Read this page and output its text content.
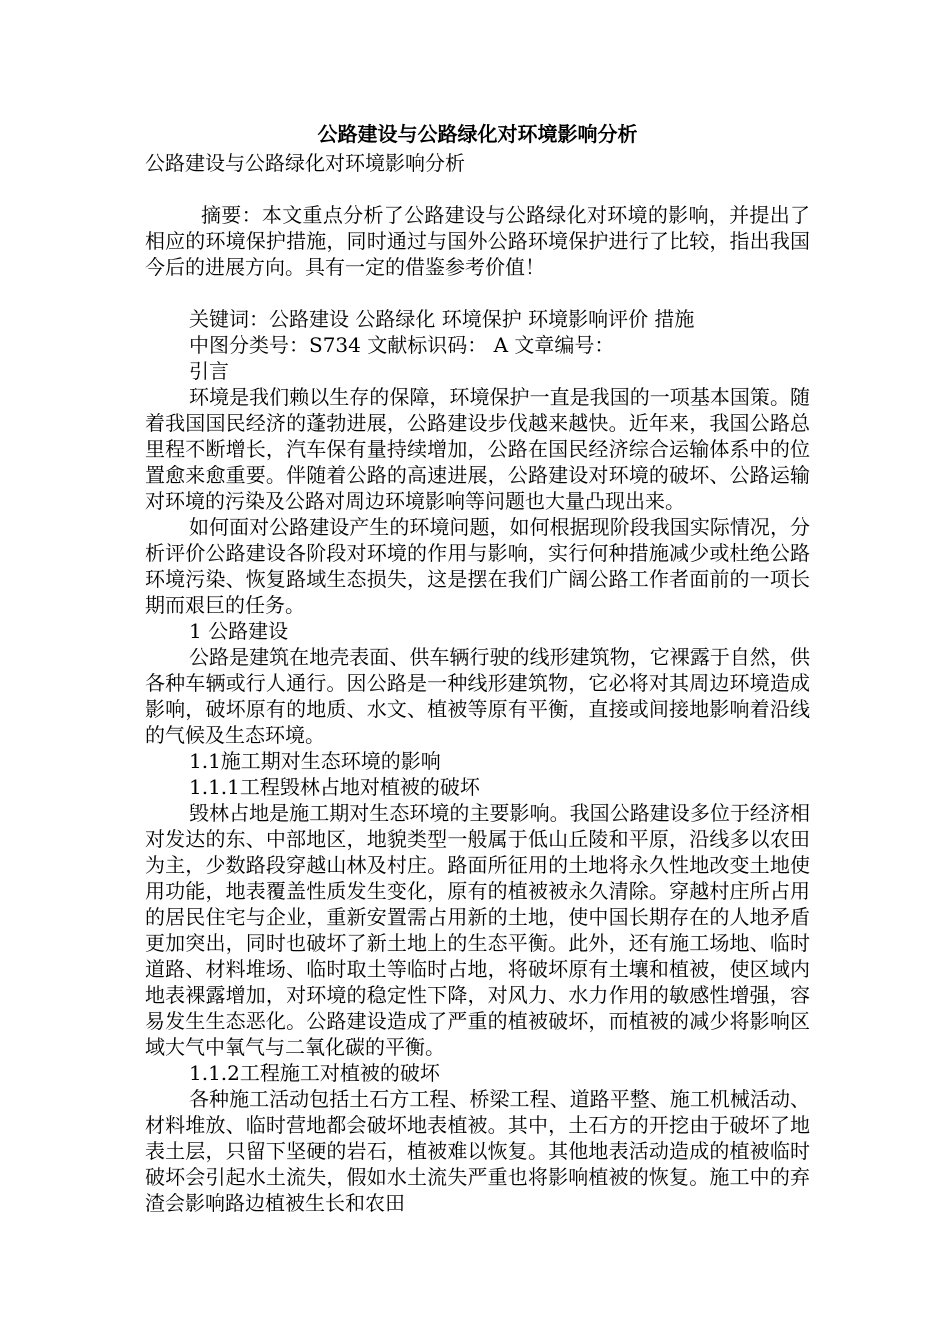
公路建设与公路绿化对环境影响分析

公路建设与公路绿化对环境影响分析

摘要：本文重点分析了公路建设与公路绿化对环境的影响，并提出了相应的环境保护措施，同时通过与国外公路环境保护进行了比较，指出我国今后的进展方向。具有一定的借鉴参考价值！

关键词：公路建设 公路绿化 环境保护 环境影响评价 措施

中图分类号：S734 文献标识码： A 文章编号：

引言

环境是我们赖以生存的保障，环境保护一直是我国的一项基本国策。随着我国国民经济的蓬勃进展，公路建设步伐越来越快。近年来，我国公路总里程不断增长，汽车保有量持续增加，公路在国民经济综合运输体系中的位置愈来愈重要。伴随着公路的高速进展，公路建设对环境的破坏、公路运输对环境的污染及公路对周边环境影响等问题也大量凸现出来。

如何面对公路建设产生的环境问题，如何根据现阶段我国实际情况，分析评价公路建设各阶段对环境的作用与影响，实行何种措施减少或杜绝公路环境污染、恢复路域生态损失，这是摆在我们广阔公路工作者面前的一项长期而艰巨的任务。

1 公路建设

公路是建筑在地壳表面、供车辆行驶的线形建筑物，它裸露于自然，供各种车辆或行人通行。因公路是一种线形建筑物，它必将对其周边环境造成影响，破坏原有的地质、水文、植被等原有平衡，直接或间接地影响着沿线的气候及生态环境。

1.1施工期对生态环境的影响

1.1.1工程毁林占地对植被的破坏

毁林占地是施工期对生态环境的主要影响。我国公路建设多位于经济相对发达的东、中部地区，地貌类型一般属于低山丘陵和平原，沿线多以农田为主，少数路段穿越山林及村庄。路面所征用的土地将永久性地改变土地使用功能，地表覆盖性质发生变化，原有的植被被永久清除。穿越村庄所占用的居民住宅与企业，重新安置需占用新的土地，使中国长期存在的人地矛盾更加突出，同时也破坏了新土地上的生态平衡。此外，还有施工场地、临时道路、材料堆场、临时取土等临时占地，将破坏原有土壤和植被，使区域内地表裸露增加，对环境的稳定性下降，对风力、水力作用的敏感性增强，容易发生生态恶化。公路建设造成了严重的植被破坏，而植被的减少将影响区域大气中氧气与二氧化碳的平衡。

1.1.2工程施工对植被的破坏

各种施工活动包括土石方工程、桥梁工程、道路平整、施工机械活动、材料堆放、临时营地都会破坏地表植被。其中，土石方的开挖由于破坏了地表土层，只留下坚硬的岩石，植被难以恢复。其他地表活动造成的植被临时破坏会引起水土流失，假如水土流失严重也将影响植被的恢复。施工中的弃渣会影响路边植被生长和农田
